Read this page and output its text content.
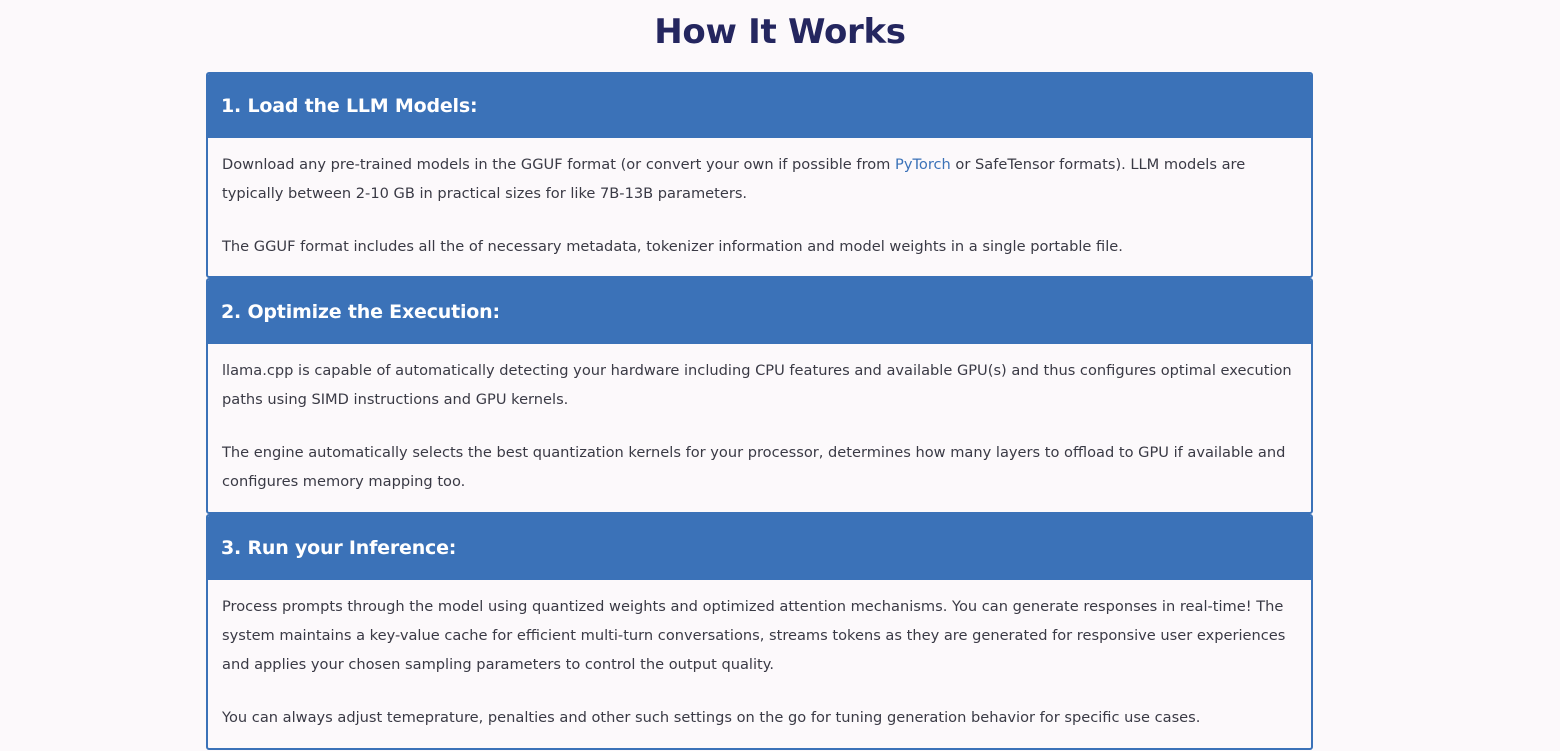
How It Works
1. Load the LLM Models:

Download any pre-trained models in the GGUF format (or convert your own if possible from PyTorch or SafeTensor formats). LLM models are
typically between 2-10 GB in practical sizes for like 7B-13B parameters.

The GGUF format includes all the of necessary metadata, tokenizer information and model weights in a single portable file.

2. Optimize the Execution:

llama.cpp is capable of automatically detecting your hardware including CPU features and available GPU(s) and thus configures optimal execution
paths using SIMD instructions and GPU kernels.

The engine automatically selects the best quantization kernels for your processor, determines how many layers to offload to GPU if available and
configures memory mapping too.

3. Run your Inference:

Process prompts through the model using quantized weights and optimized attention mechanisms. You can generate responses in real-time! The
system maintains a key-value cache for efficient multi-turn conversations, streams tokens as they are generated for responsive user experiences
and applies your chosen sampling parameters to control the output quality.

You can always adjust temeprature, penalties and other such settings on the go for tuning generation behavior for specific use cases.
